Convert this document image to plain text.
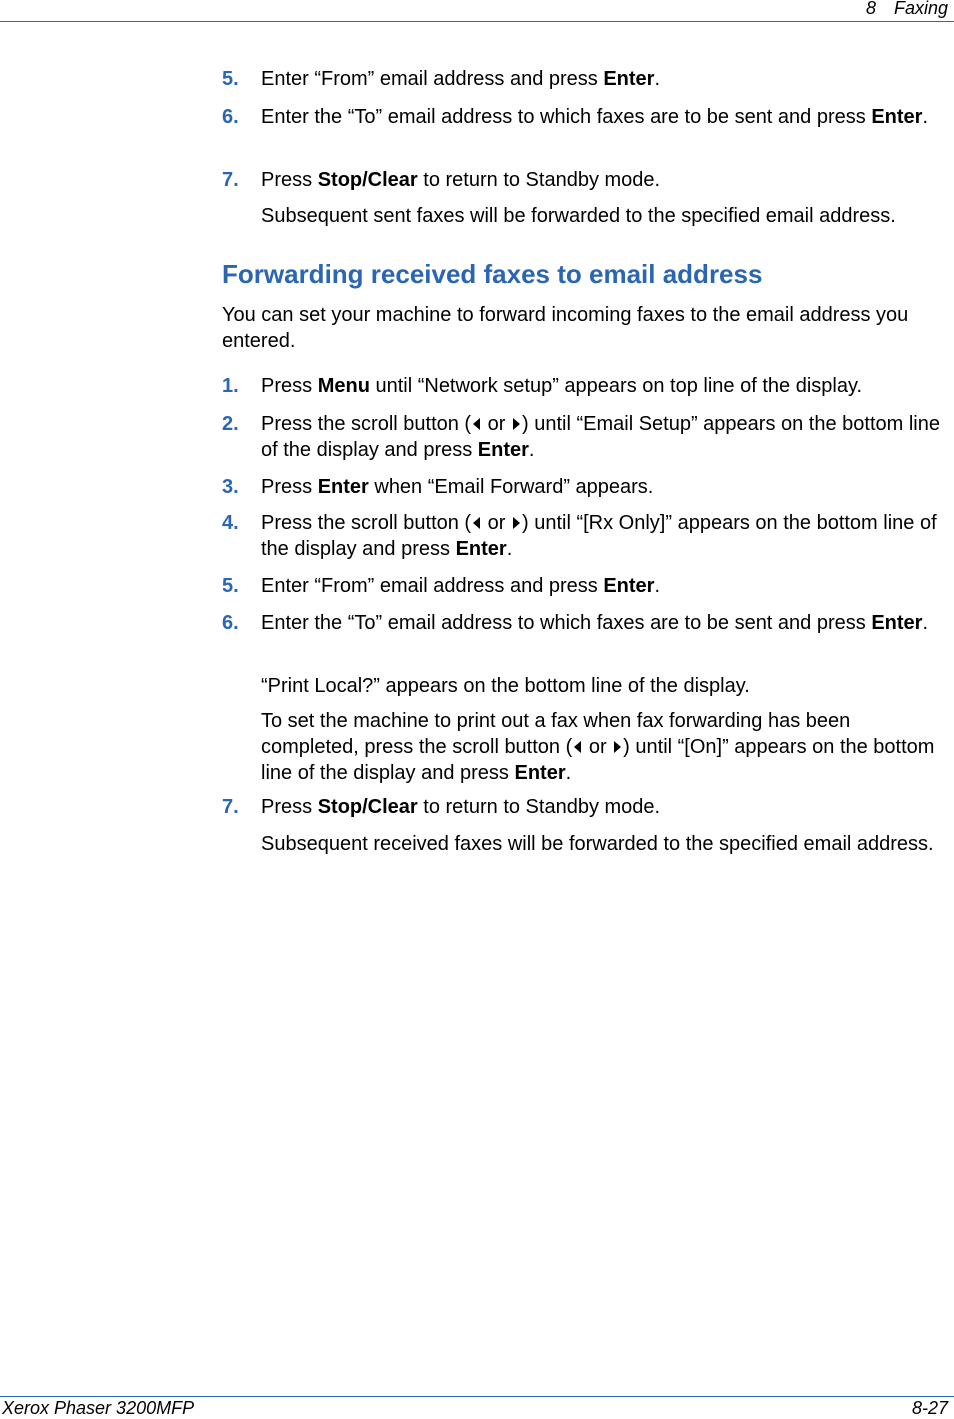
8 Faxing
5. Enter “From” email address and press Enter.
6. Enter the “To” email address to which faxes are to be sent and press Enter.
7. Press Stop/Clear to return to Standby mode.
Subsequent sent faxes will be forwarded to the specified email address.
Forwarding received faxes to email address
You can set your machine to forward incoming faxes to the email address you entered.
1. Press Menu until “Network setup” appears on top line of the display.
2. Press the scroll button ( or ) until “Email Setup” appears on the bottom line of the display and press Enter.
3. Press Enter when “Email Forward” appears.
4. Press the scroll button ( or ) until “[Rx Only]” appears on the bottom line of the display and press Enter.
5. Enter “From” email address and press Enter.
6. Enter the “To” email address to which faxes are to be sent and press Enter.
“Print Local?” appears on the bottom line of the display.
To set the machine to print out a fax when fax forwarding has been completed, press the scroll button ( or ) until “[On]” appears on the bottom line of the display and press Enter.
7. Press Stop/Clear to return to Standby mode.
Subsequent received faxes will be forwarded to the specified email address.
Xerox Phaser 3200MFP	8-27
